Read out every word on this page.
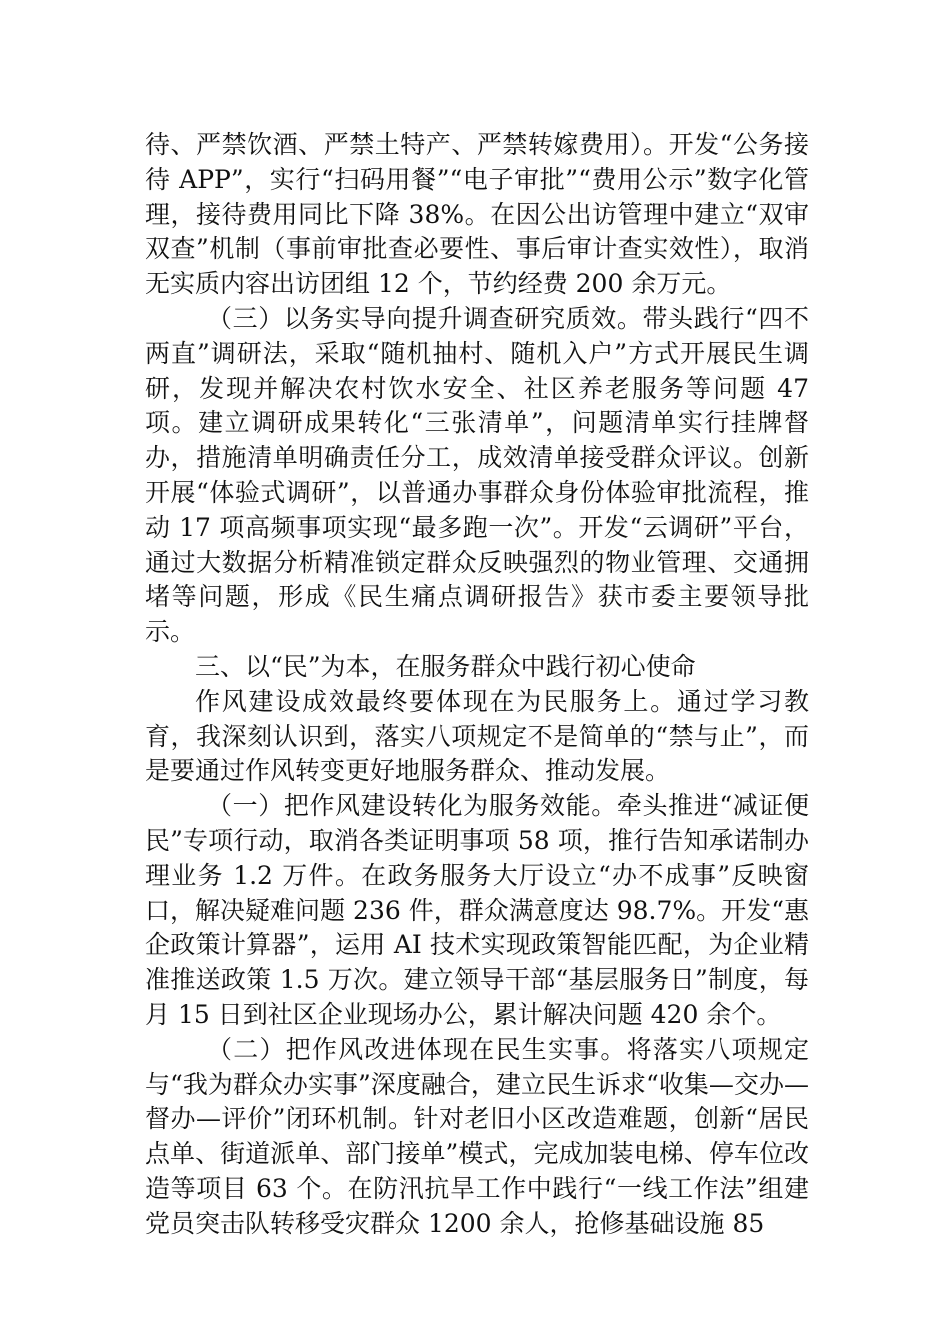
待、严禁饮酒、严禁土特产、严禁转嫁费用）。开发“公务接待 APP”，实行“扫码用餐”“电子审批”“费用公示”数字化管理，接待费用同比下降 38%。在因公出访管理中建立“双审双查”机制（事前审批查必要性、事后审计查实效性），取消无实质内容出访团组 12 个，节约经费 200 余万元。

（三）以务实导向提升调查研究质效。带头践行“四不两直”调研法，采取“随机抽村、随机入户”方式开展民生调研，发现并解决农村饮水安全、社区养老服务等问题 47 项。建立调研成果转化“三张清单”，问题清单实行挂牌督办，措施清单明确责任分工，成效清单接受群众评议。创新开展“体验式调研”，以普通办事群众身份体验审批流程，推动 17 项高频事项实现“最多跑一次”。开发“云调研”平台，通过大数据分析精准锁定群众反映强烈的物业管理、交通拥堵等问题，形成《民生痛点调研报告》获市委主要领导批示。

三、以“民”为本，在服务群众中践行初心使命

作风建设成效最终要体现在为民服务上。通过学习教育，我深刻认识到，落实八项规定不是简单的“禁与止”，而是要通过作风转变更好地服务群众、推动发展。

（一）把作风建设转化为服务效能。牵头推进“减证便民”专项行动，取消各类证明事项 58 项，推行告知承诺制办理业务 1.2 万件。在政务服务大厅设立“办不成事”反映窗口，解决疑难问题 236 件，群众满意度达 98.7%。开发“惠企政策计算器”，运用 AI 技术实现政策智能匹配，为企业精准推送政策 1.5 万次。建立领导干部“基层服务日”制度，每月 15 日到社区企业现场办公，累计解决问题 420 余个。

（二）把作风改进体现在民生实事。将落实八项规定与“我为群众办实事”深度融合，建立民生诉求“收集—交办—督办—评价”闭环机制。针对老旧小区改造难题，创新“居民点单、街道派单、部门接单”模式，完成加装电梯、停车位改造等项目 63 个。在防汛抗旱工作中践行“一线工作法”组建党员突击队转移受灾群众 1200 余人，抢修基础设施 85
